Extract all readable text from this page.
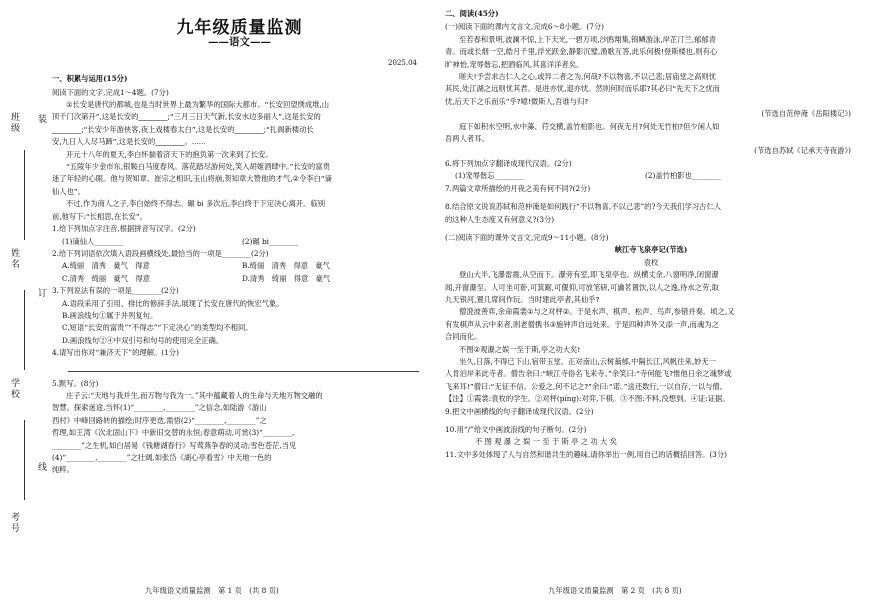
班级
姓名
学校
考号
装
订
线
九年级质量监测
——语文——
2025.04
一、积累与运用(15分)

阅读下面的文字,完成1～4题。(7分)

①长安是唐代的都城,也是当时世界上最为繁华的国际大都市。“长安回望绣成堆,山

顶千门次第开”,这是长安的________;“三月三日天气新,长安水边多丽人”,这是长安的

________;“长安少年游侠客,夜上戏楼春太白”,这是长安的________;“扎阁新楼动长

安,九日人人尽马蹄”,这是长安的________。......

开元十八年的夏天,李白怀揣着济天下的抱负第一次来到了长安。

“五陵年少金市东,银鞍白马度春风。落花踏尽游何处,笑入胡姬酒肆中。”长安的富贵

迷了年轻的心眼。他与贺知章、崔宗之相识,玉山将崩,贺知章大赞他的才气,②令李白“谪

仙人也”。

不过,作为商人之子,李白始终不得志。碾 bi 多次后,李白终于下定决心离开。临别

前,他写下:“长相思,在长安”。

1.给下列加点字注音,根据拼音写汉字。(2分)

(1)谪仙人________	(2)碾 bi________

2.给下列词语依次填入语段画横线处,最恰当的一项是________(2分)

A.绮丽　清秀　豪气　得意	B.绮丽　清秀　得意　豪气
C.清秀　绮丽　豪气　得意	D.清秀　绮丽　得意　豪气

3.下列说法有误的一项是________(2分)

A.语段采用了引用、排比的修辞手法,展现了长安在唐代的恢宏气象。

B.画浪线句①属于并列复句。

C.短语“长安的富贵”“不得志”“下定决心”的类型均不相同。

D.画浪线句②④中双引号和句号的使用完全正确。

4.请写出你对“兼济天下”的理解。(1分)

5.默写。(8分)

庄子云:“天地与我并生,而万物与我为一。”其中蕴藏着人的生命与天地万物交融的

智慧。探索迷途,当怀(1)“________,________”之信念,如陆游《游山

西村》中峰回路转的描绘;时序更迭,需悟(2)“________,________”之

哲理,如王湾《次北固山下》中新旧交替的永恒;春意萌动,可赏(3)“________,

________”之生机,如白居易《钱塘湖春行》写莺燕争春的灵动;雪色苍茫,当见

(4)“________,________”之壮阔,如张岱《湖心亭看雪》中天地一色的

纯粹。

九年级语文质量监测　第 1 页　(共 8 页)
二、阅读(45分)

(一)阅读下面的课内文言文,完成6～8小题。(7分)

至若春和景明,波澜不惊,上下天光,一碧万顷,沙鸥翔集,锦鳞游泳,岸芷汀兰,郁郁青

青。而或长烟一空,皓月千里,浮光跃金,静影沉璧,渔歌互答,此乐何极!登斯楼也,则有心

旷神怡,宠辱偕忘,把酒临风,其喜洋洋者矣。

嗟夫!予尝求古仁人之心,或异二者之为,何哉?不以物喜,不以己悲;居庙堂之高则忧

其民,处江湖之远则忧其君。是进亦忧,退亦忧。然则何时而乐耶?其必曰“先天下之忧而

忧,后天下之乐而乐”乎?噫!微斯人,吾谁与归?

(节选自范仲淹《岳阳楼记》)

庭下如积水空明,水中藻、荇交横,盖竹柏影也。何夜无月?何处无竹柏?但少闲人如

吾两人者耳。

(节选自苏轼《记承天寺夜游》)

6.将下列加点字翻译成现代汉语。(2分)

(1)宠辱偕忘________	(2)盖竹柏影也________

7.两篇文章所描绘的月夜之美有何不同?(2分)

8.结合原文说说苏轼和范仲淹是如何践行“不以物喜,不以己悲”的?今天我们学习古仁人

的这种人生态度又有何意义?(3分)

(二)阅读下面的课外文言文,完成9～11小题。(8分)

峡江寺飞泉亭记(节选)

袁枚

登山大半,飞瀑雷震,从空而下。瀑旁有室,即飞泉亭也。纵横丈余,八窗明净,闭窗瀑

闻,开窗瀑至。人可坐可卧,可箕踞,可偃仰,可放笔研,可瀹茗置饮,以人之逸,待水之劳,取

九天银河,置几席间作玩。当时建此亭者,其仙乎?

僧澄波善弈,余命霞裳①与之对枰②。于是水声、棋声、松声、鸟声,参错并奏。顷之,又

有发棋声从云中来者,则老僧携书③施钟声自远处来。于是四种声外又添一声,而魂为之

合同而化。

不图②观瀑之娱一至于斯,亭之功大矣!

坐久,日落,不得已下山,宿带玉堂。正对南山,云树蓊郁,中隔长江,风帆往来,妙无一

人肯泊岸来此寺者。僧告余曰:“峡江寺俗名飞来寺。”余笑曰:“寺何能飞?惟他日余之魂梦或

飞来耳!”僧曰:“无征不信。公爱之,何不记之?”余曰:“诺。”送还数行,一以自存,一以与僧。

【注】①霞裳:袁枚的学生。②对枰(píng):对弈,下棋。③不图:不料,没想到。④证:证据。

9.把文中画横线的句子翻译成现代汉语。(2分)

10.用“/”给文中画波浪线的句子断句。(2分)

不 图 观 瀑 之 娱 一 至 于 斯 亭 之 功 大 矣

11.文中多处体现了人与自然和谐共生的趣味,请你举出一例,用自己的话概括回答。(3分)

九年级语文质量监测　第 2 页　(共 8 页)
